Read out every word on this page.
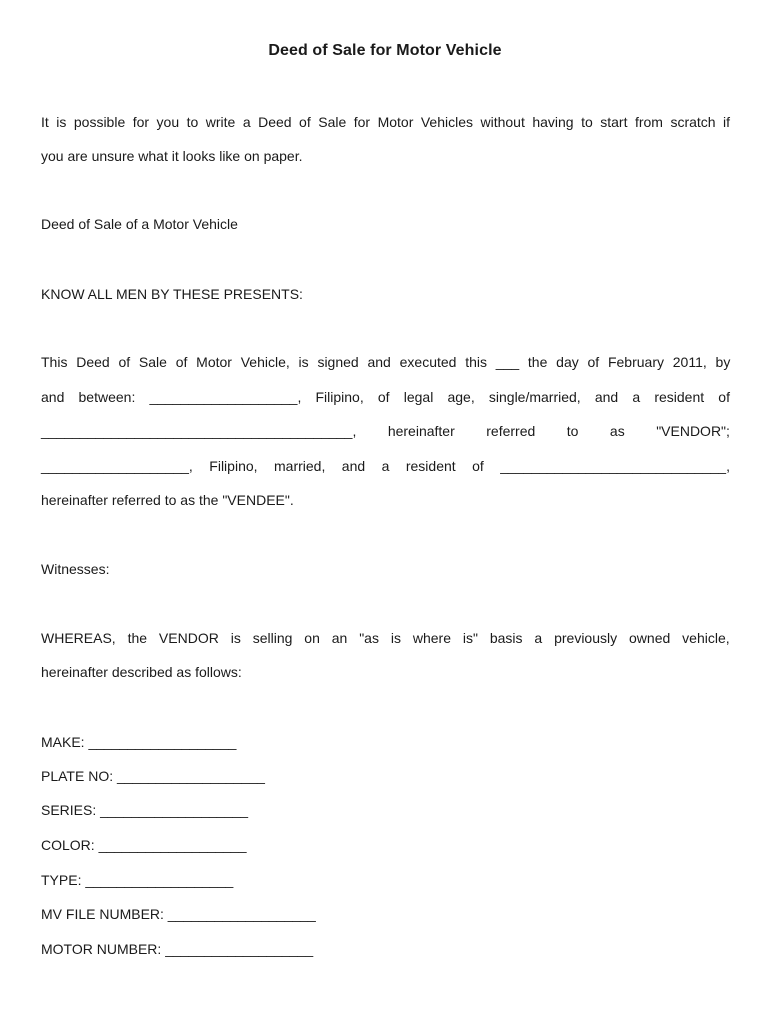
Deed of Sale for Motor Vehicle
It is possible for you to write a Deed of Sale for Motor Vehicles without having to start from scratch if
you are unsure what it looks like on paper.
Deed of Sale of a Motor Vehicle
KNOW ALL MEN BY THESE PRESENTS:
This Deed of Sale of Motor Vehicle, is signed and executed this ___ the day of February 2011, by
and between: ___________________, Filipino, of legal age, single/married, and a resident of
________________________________________, hereinafter referred to as "VENDOR";
___________________, Filipino, married, and a resident of _____________________________,
hereinafter referred to as the "VENDEE".
Witnesses:
WHEREAS, the VENDOR is selling on an "as is where is" basis a previously owned vehicle,
hereinafter described as follows:
MAKE: ___________________
PLATE NO: ___________________
SERIES: ___________________
COLOR: ___________________
TYPE: ___________________
MV FILE NUMBER: ___________________
MOTOR NUMBER: ___________________
